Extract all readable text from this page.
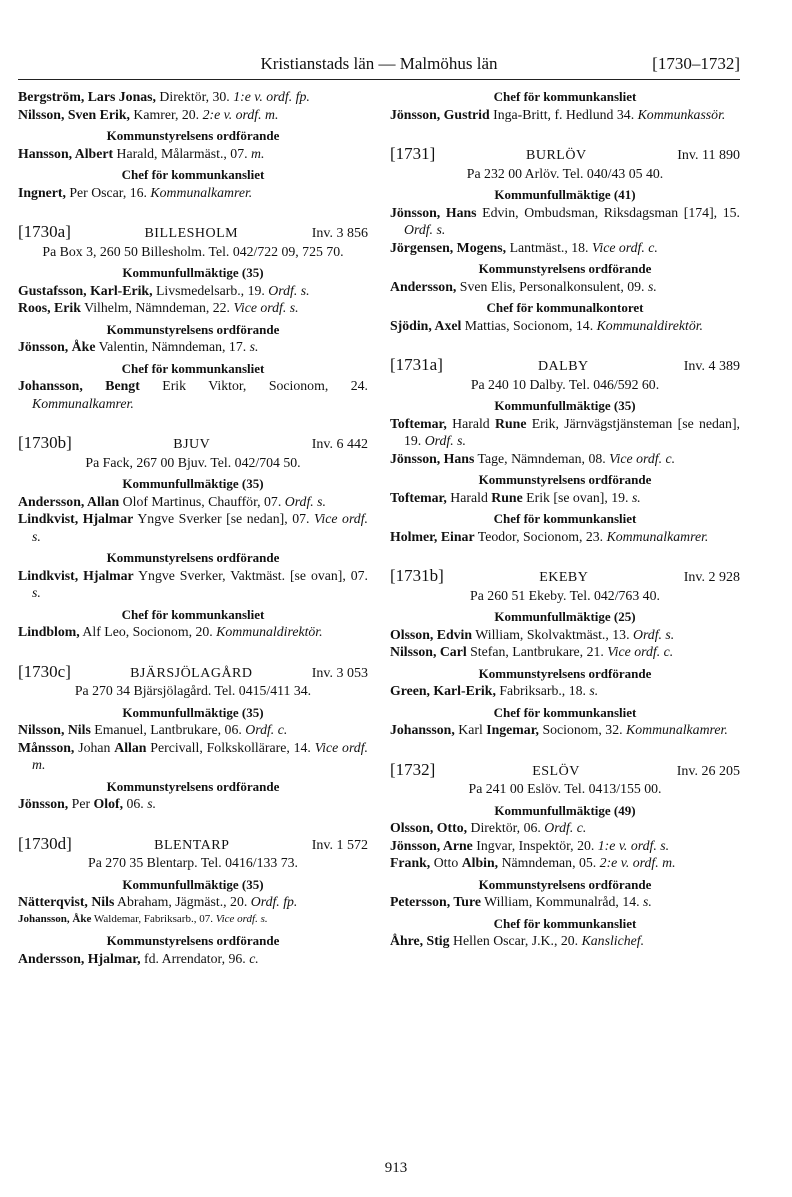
Kristianstads län — Malmöhus län	[1730–1732]
Bergström, Lars Jonas, Direktör, 30. 1:e v. ordf. fp.
Nilsson, Sven Erik, Kamrer, 20. 2:e v. ordf. m.
Kommunstyrelsens ordförande
Hansson, Albert Harald, Målarmäst., 07. m.
Chef för kommunkansliet
Ingnert, Per Oscar, 16. Kommunalkamrer.
[1730a]	BILLESHOLM	Inv. 3 856
Pa Box 3, 260 50 Billesholm. Tel. 042/722 09, 725 70.
Kommunfullmäktige (35)
Gustafsson, Karl-Erik, Livsmedelsarb., 19. Ordf. s.
Roos, Erik Vilhelm, Nämndeman, 22. Vice ordf. s.
Kommunstyrelsens ordförande
Jönsson, Åke Valentin, Nämndeman, 17. s.
Chef för kommunkansliet
Johansson, Bengt Erik Viktor, Socionom, 24. Kommunalkamrer.
[1730b]	BJUV	Inv. 6 442
Pa Fack, 267 00 Bjuv. Tel. 042/704 50.
Kommunfullmäktige (35)
Andersson, Allan Olof Martinus, Chaufför, 07. Ordf. s.
Lindkvist, Hjalmar Yngve Sverker [se nedan], 07. Vice ordf. s.
Kommunstyrelsens ordförande
Lindkvist, Hjalmar Yngve Sverker, Vaktmäst. [se ovan], 07. s.
Chef för kommunkansliet
Lindblom, Alf Leo, Socionom, 20. Kommunaldirektör.
[1730c]	BJÄRSJÖLAGÅRD	Inv. 3 053
Pa 270 34 Bjärsjölagård. Tel. 0415/411 34.
Kommunfullmäktige (35)
Nilsson, Nils Emanuel, Lantbrukare, 06. Ordf. c.
Månsson, Johan Allan Percivall, Folkskollärare, 14. Vice ordf. m.
Kommunstyrelsens ordförande
Jönsson, Per Olof, 06. s.
[1730d]	BLENTARP	Inv. 1 572
Pa 270 35 Blentarp. Tel. 0416/133 73.
Kommunfullmäktige (35)
Nätterqvist, Nils Abraham, Jägmäst., 20. Ordf. fp.
Johansson, Åke Waldemar, Fabriksarb., 07. Vice ordf. s.
Kommunstyrelsens ordförande
Andersson, Hjalmar, fd. Arrendator, 96. c.
Chef för kommunkansliet
Jönsson, Gustrid Inga-Britt, f. Hedlund 34. Kommunkassör.
[1731]	BURLÖV	Inv. 11 890
Pa 232 00 Arlöv. Tel. 040/43 05 40.
Kommunfullmäktige (41)
Jönsson, Hans Edvin, Ombudsman, Riksdagsman [174], 15. Ordf. s.
Jörgensen, Mogens, Lantmäst., 18. Vice ordf. c.
Kommunstyrelsens ordförande
Andersson, Sven Elis, Personalkonsulent, 09. s.
Chef för kommunalkontoret
Sjödin, Axel Mattias, Socionom, 14. Kommunaldirektör.
[1731a]	DALBY	Inv. 4 389
Pa 240 10 Dalby. Tel. 046/592 60.
Kommunfullmäktige (35)
Toftemar, Harald Rune Erik, Järnvägstjänsteman [se nedan], 19. Ordf. s.
Jönsson, Hans Tage, Nämndeman, 08. Vice ordf. c.
Kommunstyrelsens ordförande
Toftemar, Harald Rune Erik [se ovan], 19. s.
Chef för kommunkansliet
Holmer, Einar Teodor, Socionom, 23. Kommunalkamrer.
[1731b]	EKEBY	Inv. 2 928
Pa 260 51 Ekeby. Tel. 042/763 40.
Kommunfullmäktige (25)
Olsson, Edvin William, Skolvaktmäst., 13. Ordf. s.
Nilsson, Carl Stefan, Lantbrukare, 21. Vice ordf. c.
Kommunstyrelsens ordförande
Green, Karl-Erik, Fabriksarb., 18. s.
Chef för kommunkansliet
Johansson, Karl Ingemar, Socionom, 32. Kommunalkamrer.
[1732]	ESLÖV	Inv. 26 205
Pa 241 00 Eslöv. Tel. 0413/155 00.
Kommunfullmäktige (49)
Olsson, Otto, Direktör, 06. Ordf. c.
Jönsson, Arne Ingvar, Inspektör, 20. 1:e v. ordf. s.
Frank, Otto Albin, Nämndeman, 05. 2:e v. ordf. m.
Kommunstyrelsens ordförande
Petersson, Ture William, Kommunalråd, 14. s.
Chef för kommunkansliet
Åhre, Stig Hellen Oscar, J.K., 20. Kanslichef.
913
